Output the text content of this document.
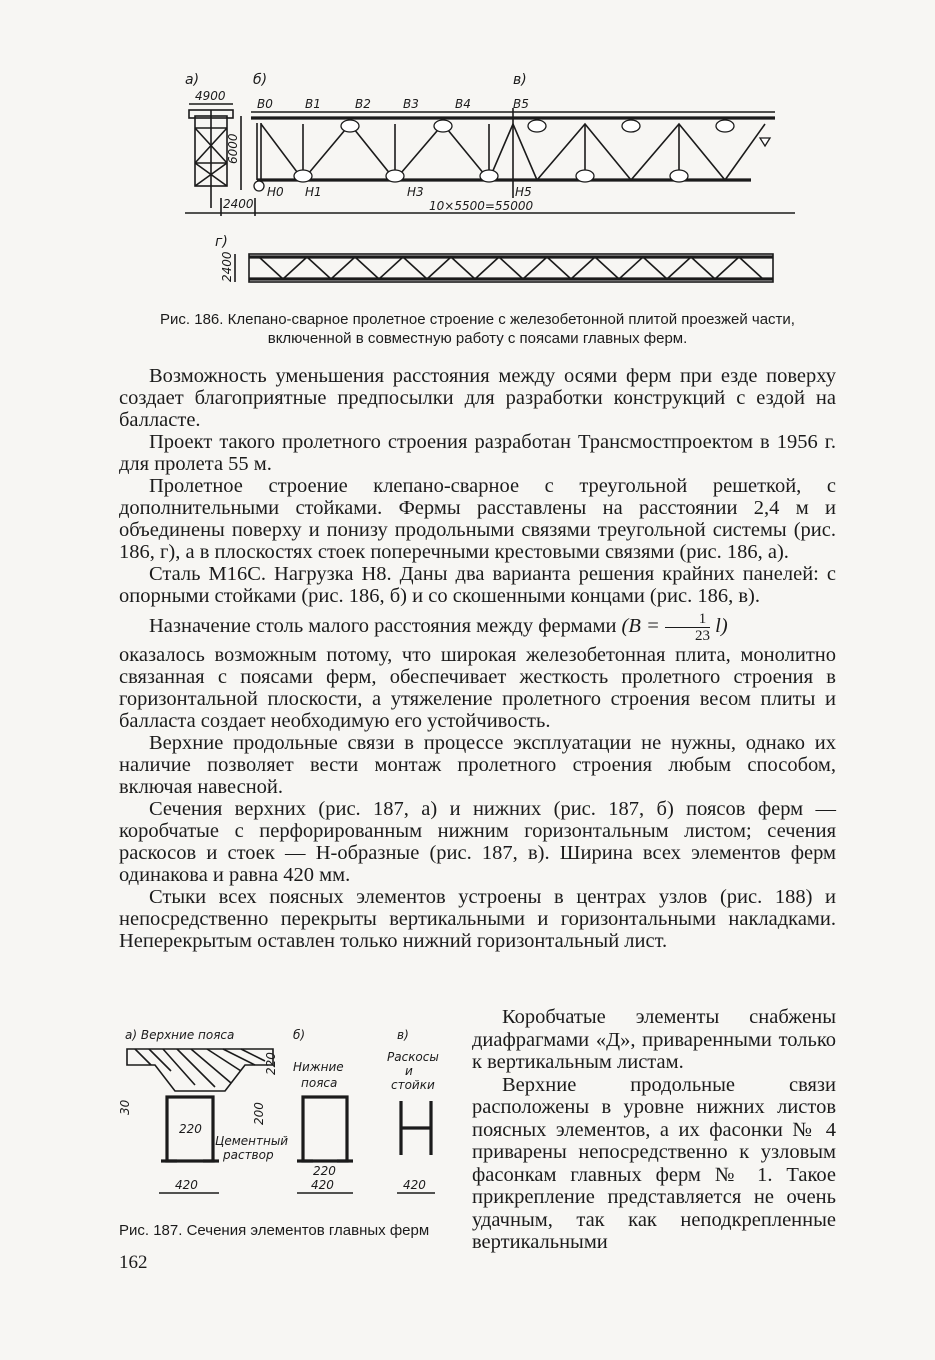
а)	б)	в)
4900
6000
2400	10×5500=55000
В0	В1	В2	В3	В4	В5
Н0 Н1	Н3	Н5
г)
2400
Рис. 186. Клепано-сварное пролетное строение с железобетонной плитой проезжей части, включенной в совместную работу с поясами главных ферм.

Возможность уменьшения расстояния между осями ферм при езде поверху создает благоприятные предпосылки для разработки конструкций с ездой на балласте.

Проект такого пролетного строения разработан Трансмостпроектом в 1956 г. для пролета 55 м.

Пролетное строение клепано-сварное с треугольной решеткой, с дополнительными стойками. Фермы расставлены на расстоянии 2,4 м и объединены поверху и понизу продольными связями треугольной системы (рис. 186, г), а в плоскостях стоек поперечными крестовыми связями (рис. 186, а).

Сталь М16С. Нагрузка Н8. Даны два варианта решения крайних панелей: с опорными стойками (рис. 186, б) и со скошенными концами (рис. 186, в).

Назначение столь малого расстояния между фермами $(B = \frac{1}{23} l)$

оказалось возможным потому, что широкая железобетонная плита, монолитно связанная с поясами ферм, обеспечивает жесткость пролетного строения в горизонтальной плоскости, а утяжеление пролетного строения весом плиты и балласта создает необходимую его устойчивость.

Верхние продольные связи в процессе эксплуатации не нужны, однако их наличие позволяет вести монтаж пролетного строения любым способом, включая навесной.

Сечения верхних (рис. 187, а) и нижних (рис. 187, б) поясов ферм — коробчатые с перфорированным нижним горизонтальным листом; сечения раскосов и стоек — Н-образные (рис. 187, в). Ширина всех элементов ферм одинакова и равна 420 мм.

Стыки всех поясных элементов устроены в центрах узлов (рис. 188) и непосредственно перекрыты вертикальными и горизонтальными накладками. Неперекрытым оставлен только нижний горизонтальный лист.

а) Верхние пояса	б)
Нижние
пояса
в)
Раскосы
и
стойки
30
220
200
220
Цементный
раствор
420
220
420	420
Рис. 187. Сечения элементов главных ферм

Коробчатые элементы снабжены диафрагмами «Д», приваренными только к вертикальным листам.

Верхние продольные связи расположены в уровне нижних листов поясных элементов, а их фасонки № 4 приварены непосредственно к узловым фасонкам главных ферм № 1. Такое прикрепление представляется не очень удачным, так как неподкрепленные вертикальными

162
